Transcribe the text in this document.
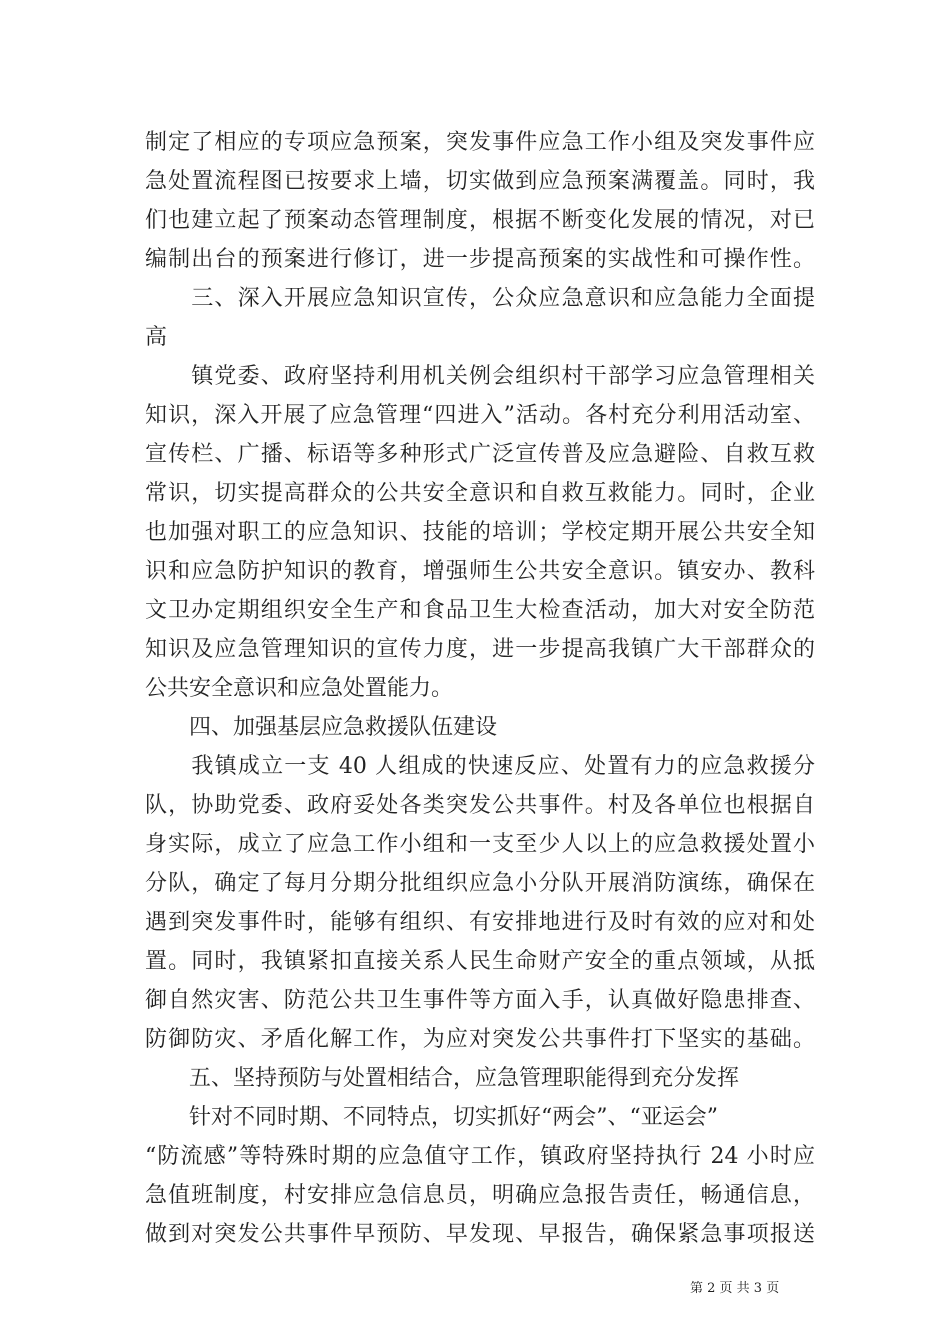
制定了相应的专项应急预案，突发事件应急工作小组及突发事件应
急处置流程图已按要求上墙，切实做到应急预案满覆盖。同时，我
们也建立起了预案动态管理制度，根据不断变化发展的情况，对已
编制出台的预案进行修订，进一步提高预案的实战性和可操作性。
　　三、深入开展应急知识宣传，公众应急意识和应急能力全面提
高
　　镇党委、政府坚持利用机关例会组织村干部学习应急管理相关
知识，深入开展了应急管理“四进入”活动。各村充分利用活动室、
宣传栏、广播、标语等多种形式广泛宣传普及应急避险、自救互救
常识，切实提高群众的公共安全意识和自救互救能力。同时，企业
也加强对职工的应急知识、技能的培训；学校定期开展公共安全知
识和应急防护知识的教育，增强师生公共安全意识。镇安办、教科
文卫办定期组织安全生产和食品卫生大检查活动，加大对安全防范
知识及应急管理知识的宣传力度，进一步提高我镇广大干部群众的
公共安全意识和应急处置能力。
　　四、加强基层应急救援队伍建设
　　我镇成立一支 40 人组成的快速反应、处置有力的应急救援分
队，协助党委、政府妥处各类突发公共事件。村及各单位也根据自
身实际，成立了应急工作小组和一支至少人以上的应急救援处置小
分队，确定了每月分期分批组织应急小分队开展消防演练，确保在
遇到突发事件时，能够有组织、有安排地进行及时有效的应对和处
置。同时，我镇紧扣直接关系人民生命财产安全的重点领域，从抵
御自然灾害、防范公共卫生事件等方面入手，认真做好隐患排查、
防御防灾、矛盾化解工作，为应对突发公共事件打下坚实的基础。
　　五、坚持预防与处置相结合，应急管理职能得到充分发挥
　　针对不同时期、不同特点，切实抓好“两会”、“亚运会”
“防流感”等特殊时期的应急值守工作，镇政府坚持执行 24 小时应
急值班制度，村安排应急信息员，明确应急报告责任，畅通信息，
做到对突发公共事件早预防、早发现、早报告，确保紧急事项报送
第 2 页 共 3 页
